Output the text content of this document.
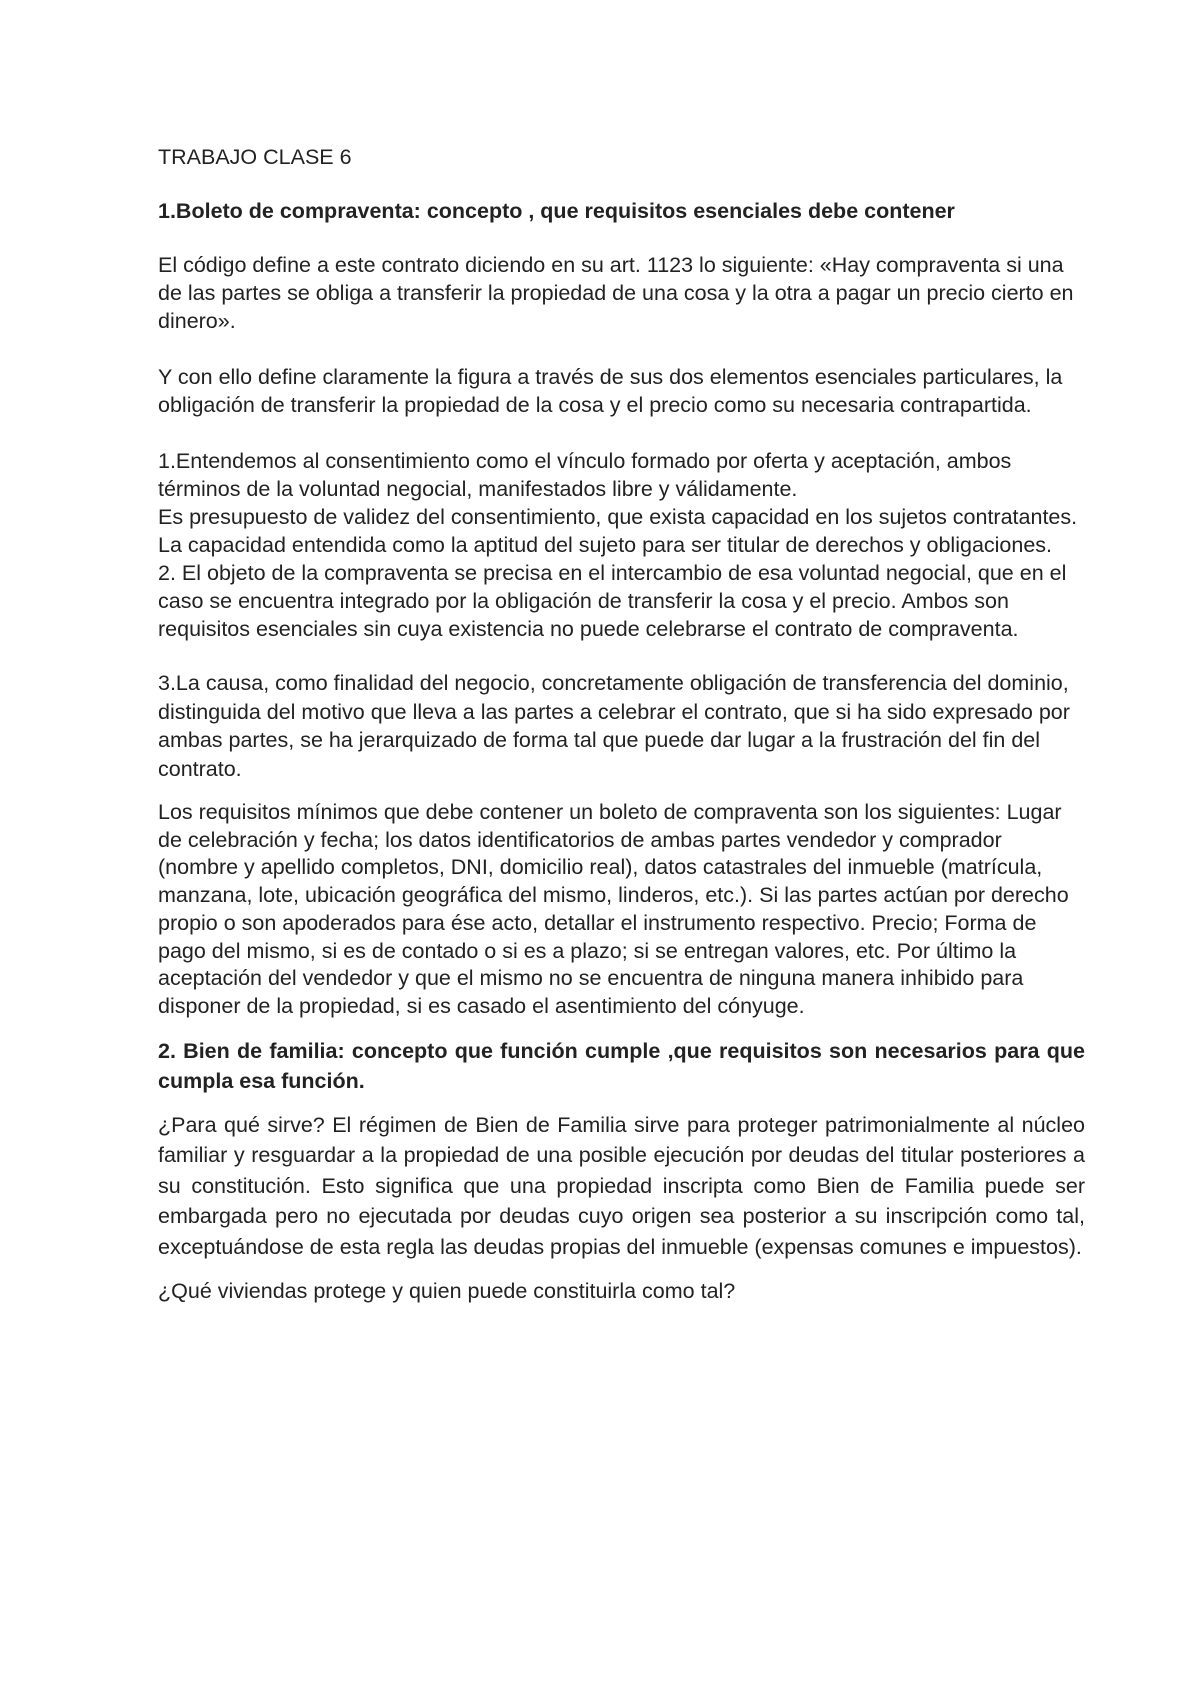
TRABAJO CLASE 6
1.Boleto de compraventa: concepto , que requisitos esenciales debe contener

El código define a este contrato diciendo en su art. 1123 lo siguiente: «Hay compraventa si una de las partes se obliga a transferir la propiedad de una cosa y la otra a pagar un precio cierto en dinero».

Y con ello define claramente la figura a través de sus dos elementos esenciales particulares, la obligación de transferir la propiedad de la cosa y el precio como su necesaria contrapartida.

1.Entendemos al consentimiento como el vínculo formado por oferta y aceptación, ambos términos de la voluntad negocial, manifestados libre y válidamente.

Es presupuesto de validez del consentimiento, que exista capacidad en los sujetos contratantes.

La capacidad entendida como la aptitud del sujeto para ser titular de derechos y obligaciones.

2. El objeto de la compraventa se precisa en el intercambio de esa voluntad negocial, que en el caso se encuentra integrado por la obligación de transferir la cosa y el precio. Ambos son requisitos esenciales sin cuya existencia no puede celebrarse el contrato de compraventa.

3.La causa, como finalidad del negocio, concretamente obligación de transferencia del dominio, distinguida del motivo que lleva a las partes a celebrar el contrato, que si ha sido expresado por ambas partes, se ha jerarquizado de forma tal que puede dar lugar a la frustración del fin del contrato.

Los requisitos mínimos que debe contener un boleto de compraventa son los siguientes: Lugar de celebración y fecha; los datos identificatorios de ambas partes vendedor y comprador (nombre y apellido completos, DNI, domicilio real), datos catastrales del inmueble (matrícula, manzana, lote, ubicación geográfica del mismo, linderos, etc.). Si las partes actúan por derecho propio o son apoderados para ése acto, detallar el instrumento respectivo. Precio; Forma de pago del mismo, si es de contado o si es a plazo; si se entregan valores, etc. Por último la aceptación del vendedor y que el mismo no se encuentra de ninguna manera inhibido para disponer de la propiedad, si es casado el asentimiento del cónyuge.

2. Bien de familia: concepto que función cumple ,que requisitos son necesarios para que cumpla esa función.

¿Para qué sirve? El régimen de Bien de Familia sirve para proteger patrimonialmente al núcleo familiar y resguardar a la propiedad de una posible ejecución por deudas del titular posteriores a su constitución. Esto significa que una propiedad inscripta como Bien de Familia puede ser embargada pero no ejecutada por deudas cuyo origen sea posterior a su inscripción como tal, exceptuándose de esta regla las deudas propias del inmueble (expensas comunes e impuestos).

¿Qué viviendas protege y quien puede constituirla como tal?
